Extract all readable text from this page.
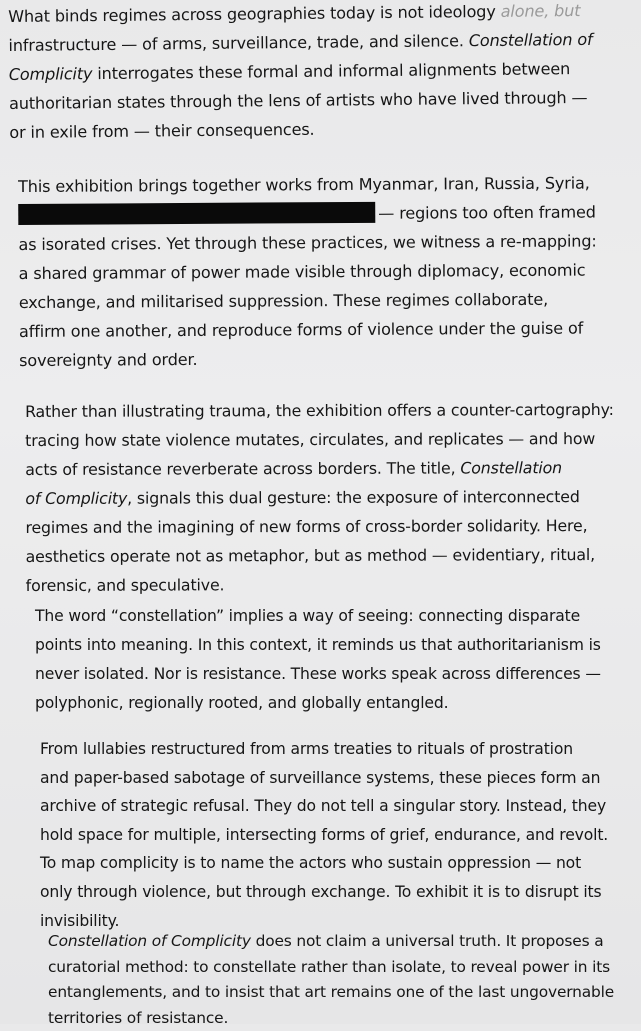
What binds regimes across geographies today is not ideology alone, but
infrastructure — of arms, surveillance, trade, and silence. Constellation of
Complicity interrogates these formal and informal alignments between
authoritarian states through the lens of artists who have lived through —
or in exile from — their consequences.
This exhibition brings together works from Myanmar, Iran, Russia, Syria,
— regions too often framed
as isorated crises. Yet through these practices, we witness a re-mapping:
a shared grammar of power made visible through diplomacy, economic
exchange, and militarised suppression. These regimes collaborate,
affirm one another, and reproduce forms of violence under the guise of
sovereignty and order.
Rather than illustrating trauma, the exhibition offers a counter-cartography:
tracing how state violence mutates, circulates, and replicates — and how
acts of resistance reverberate across borders. The title, Constellation
of Complicity, signals this dual gesture: the exposure of interconnected
regimes and the imagining of new forms of cross-border solidarity. Here,
aesthetics operate not as metaphor, but as method — evidentiary, ritual,
forensic, and speculative.
The word “constellation” implies a way of seeing: connecting disparate
points into meaning. In this context, it reminds us that authoritarianism is
never isolated. Nor is resistance. These works speak across differences —
polyphonic, regionally rooted, and globally entangled.
From lullabies restructured from arms treaties to rituals of prostration
and paper-based sabotage of surveillance systems, these pieces form an
archive of strategic refusal. They do not tell a singular story. Instead, they
hold space for multiple, intersecting forms of grief, endurance, and revolt.
To map complicity is to name the actors who sustain oppression — not
only through violence, but through exchange. To exhibit it is to disrupt its
invisibility.
Constellation of Complicity does not claim a universal truth. It proposes a
curatorial method: to constellate rather than isolate, to reveal power in its
entanglements, and to insist that art remains one of the last ungovernable
territories of resistance.
